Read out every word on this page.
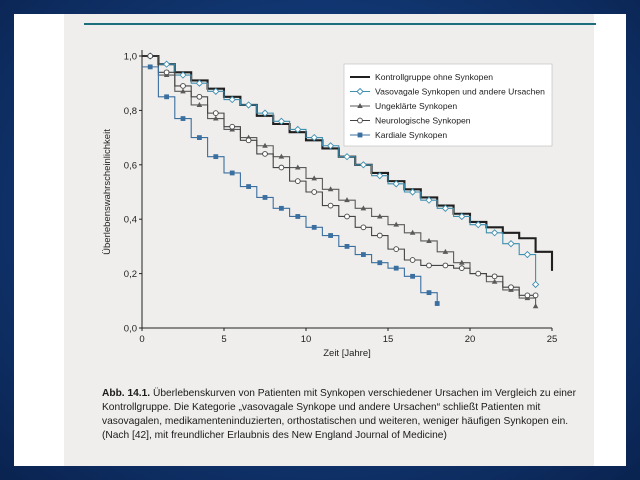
Überlebenswahrscheinlichkeit
Zeit [Jahre]
0	5	10	15	20	25
0,0
0,2
0,4
0,6
0,8
1,0
Kontrollgruppe ohne Synkopen
Vasovagale Synkopen und andere Ursachen
Ungeklärte Synkopen
Neurologische Synkopen
Kardiale Synkopen
Abb. 14.1. Überlebenskurven von Patienten mit Synkopen verschiedener Ursachen im Vergleich zu einer Kontrollgruppe. Die Kategorie „vasovagale Synkope und andere Ursachen“ schließt Patienten mit vasovagalen, medikamenteninduzierten, orthostatischen und weiteren, weniger häufigen Synkopen ein. (Nach [42], mit freundlicher Erlaubnis des New England Journal of Medicine)
